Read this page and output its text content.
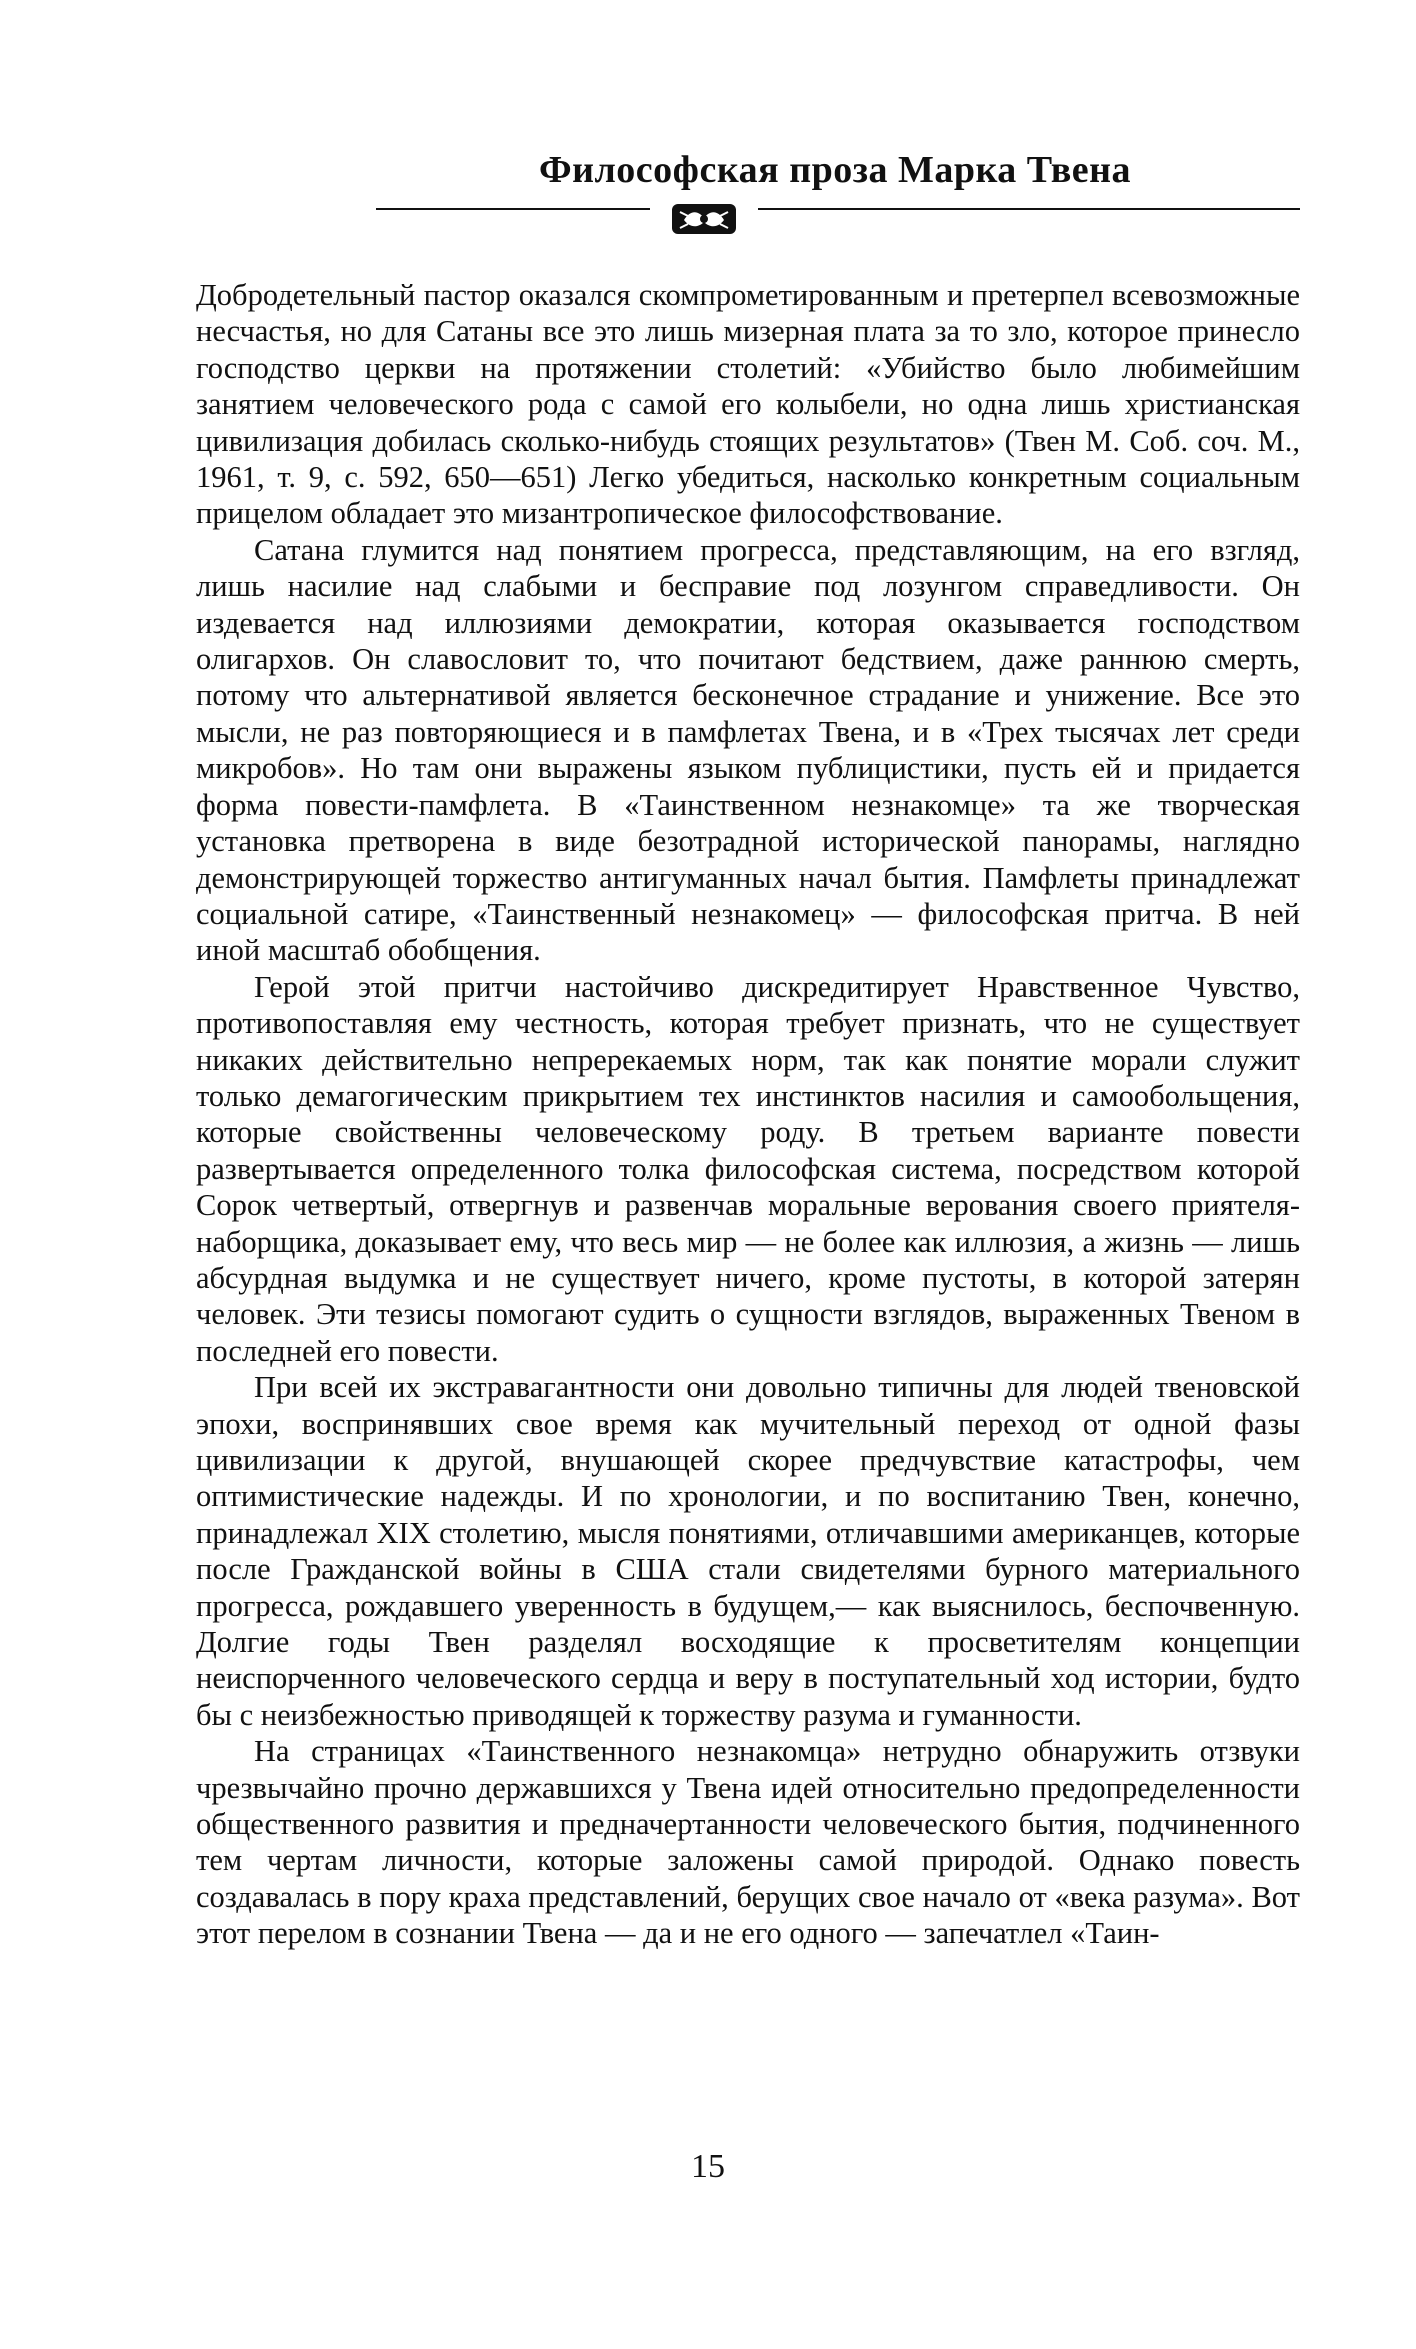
Философская проза Марка Твена

Добродетельный пастор оказался скомпрометированным и претерпел всевозможные несчастья, но для Сатаны все это лишь мизерная плата за то зло, которое принесло господство церкви на протяжении столетий: «Убийство было любимейшим занятием человеческого рода с самой его колыбели, но одна лишь христианская цивилизация добилась сколько-нибудь стоящих результатов» (Твен М. Соб. соч. М., 1961, т. 9, с. 592, 650—651) Легко убедиться, насколько конкретным социальным прицелом обладает это мизантропическое философствование.

Сатана глумится над понятием прогресса, представляющим, на его взгляд, лишь насилие над слабыми и бесправие под лозунгом справедливости. Он издевается над иллюзиями демократии, которая оказывается господством олигархов. Он славословит то, что почитают бедствием, даже раннюю смерть, потому что альтернативой является бесконечное страдание и унижение. Все это мысли, не раз повторяющиеся и в памфлетах Твена, и в «Трех тысячах лет среди микробов». Но там они выражены языком публицистики, пусть ей и придается форма повести-памфлета. В «Таинственном незнакомце» та же творческая установка претворена в виде безотрадной исторической панорамы, наглядно демонстрирующей торжество антигуманных начал бытия. Памфлеты принадлежат социальной сатире, «Таинственный незнакомец» — философская притча. В ней иной масштаб обобщения.

Герой этой притчи настойчиво дискредитирует Нравственное Чувство, противопоставляя ему честность, которая требует признать, что не существует никаких действительно непререкаемых норм, так как понятие морали служит только демагогическим прикрытием тех инстинктов насилия и самообольщения, которые свойственны человеческому роду. В третьем варианте повести развертывается определенного толка философская система, посредством которой Сорок четвертый, отвергнув и развенчав моральные верования своего приятеля-наборщика, доказывает ему, что весь мир — не более как иллюзия, а жизнь — лишь абсурдная выдумка и не существует ничего, кроме пустоты, в которой затерян человек. Эти тезисы помогают судить о сущности взглядов, выраженных Твеном в последней его повести.

При всей их экстравагантности они довольно типичны для людей твеновской эпохи, воспринявших свое время как мучительный переход от одной фазы цивилизации к другой, внушающей скорее предчувствие катастрофы, чем оптимистические надежды. И по хронологии, и по воспитанию Твен, конечно, принадлежал XIX столетию, мысля понятиями, отличавшими американцев, которые после Гражданской войны в США стали свидетелями бурного материального прогресса, рождавшего уверенность в будущем,— как выяснилось, беспочвенную. Долгие годы Твен разделял восходящие к просветителям концепции неиспорченного человеческого сердца и веру в поступательный ход истории, будто бы с неизбежностью приводящей к торжеству разума и гуманности.

На страницах «Таинственного незнакомца» нетрудно обнаружить отзвуки чрезвычайно прочно державшихся у Твена идей относительно предопределенности общественного развития и предначертанности человеческого бытия, подчиненного тем чертам личности, которые заложены самой природой. Однако повесть создавалась в пору краха представлений, берущих свое начало от «века разума». Вот этот перелом в сознании Твена — да и не его одного — запечатлел «Таин-

15
